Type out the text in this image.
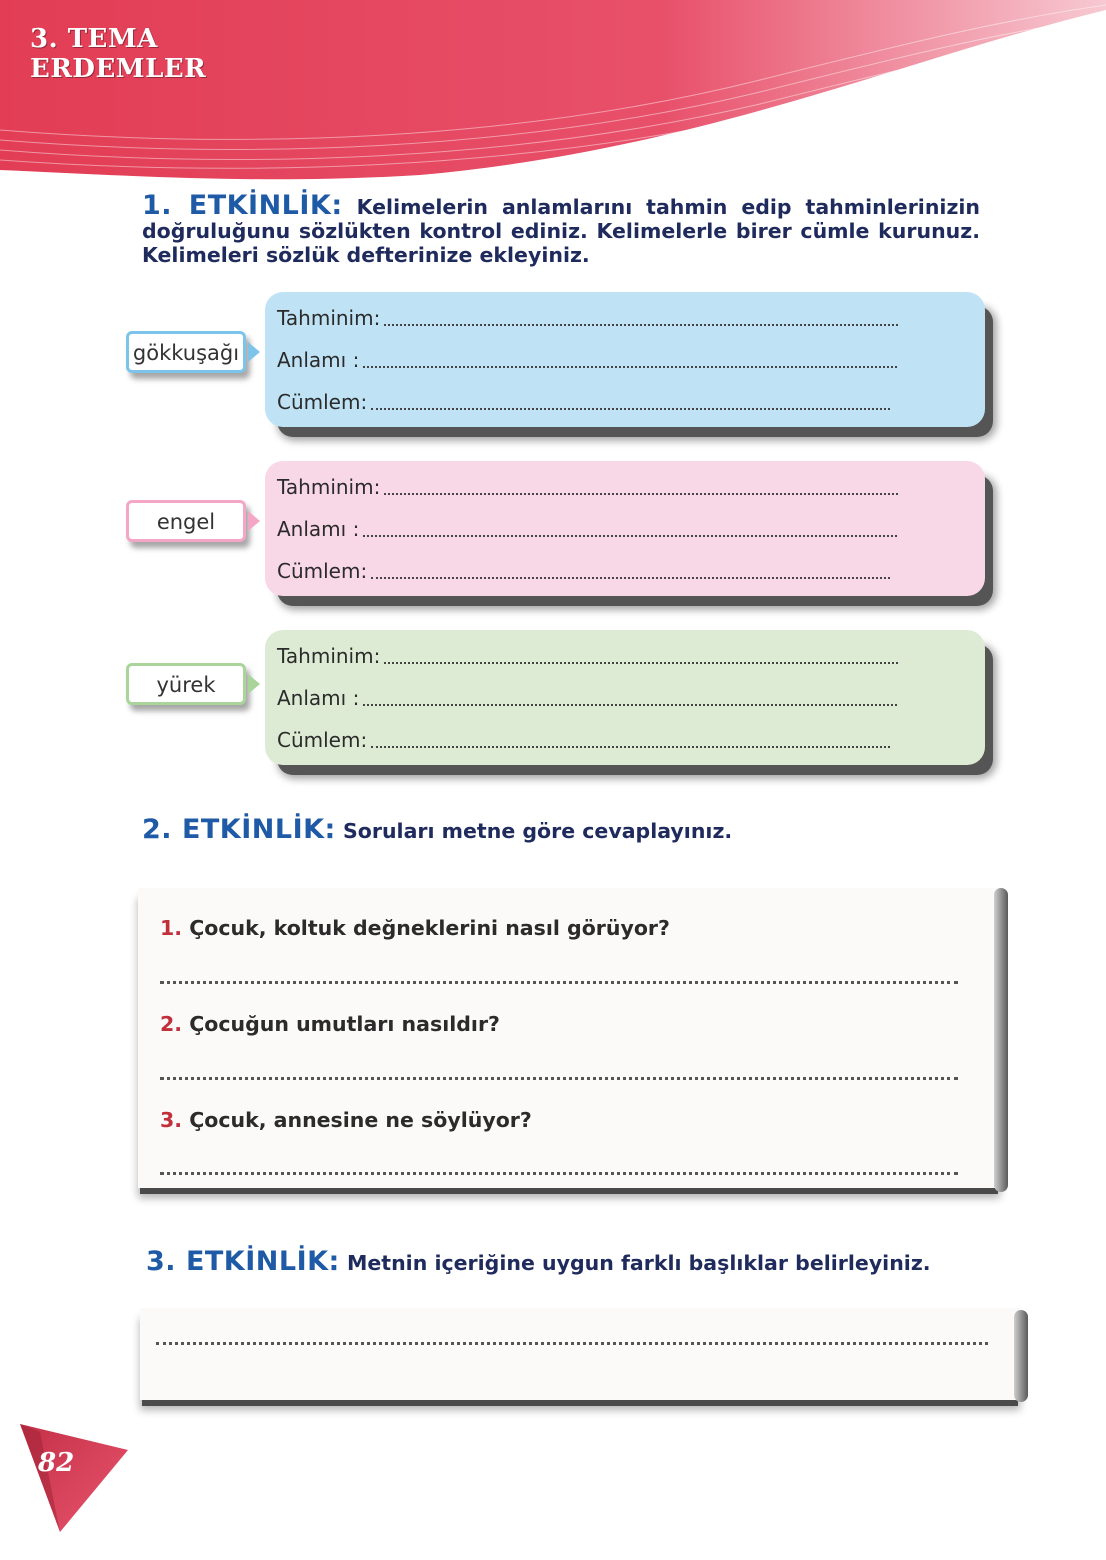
3. TEMA
ERDEMLER
1. ETKİNLİK: Kelimelerin anlamlarını tahmin edip tahminlerinizin doğruluğunu sözlükten kontrol ediniz. Kelimelerle birer cümle kurunuz. Kelimeleri sözlük defterinize ekleyiniz.
gökkuşağı
Tahminim:
Anlamı :
Cümlem:
engel
Tahminim:
Anlamı :
Cümlem:
yürek
Tahminim:
Anlamı :
Cümlem:
2. ETKİNLİK: Soruları metne göre cevaplayınız.
1. Çocuk, koltuk değneklerini nasıl görüyor?
2. Çocuğun umutları nasıldır?
3. Çocuk, annesine ne söylüyor?
3. ETKİNLİK: Metnin içeriğine uygun farklı başlıklar belirleyiniz.
82
